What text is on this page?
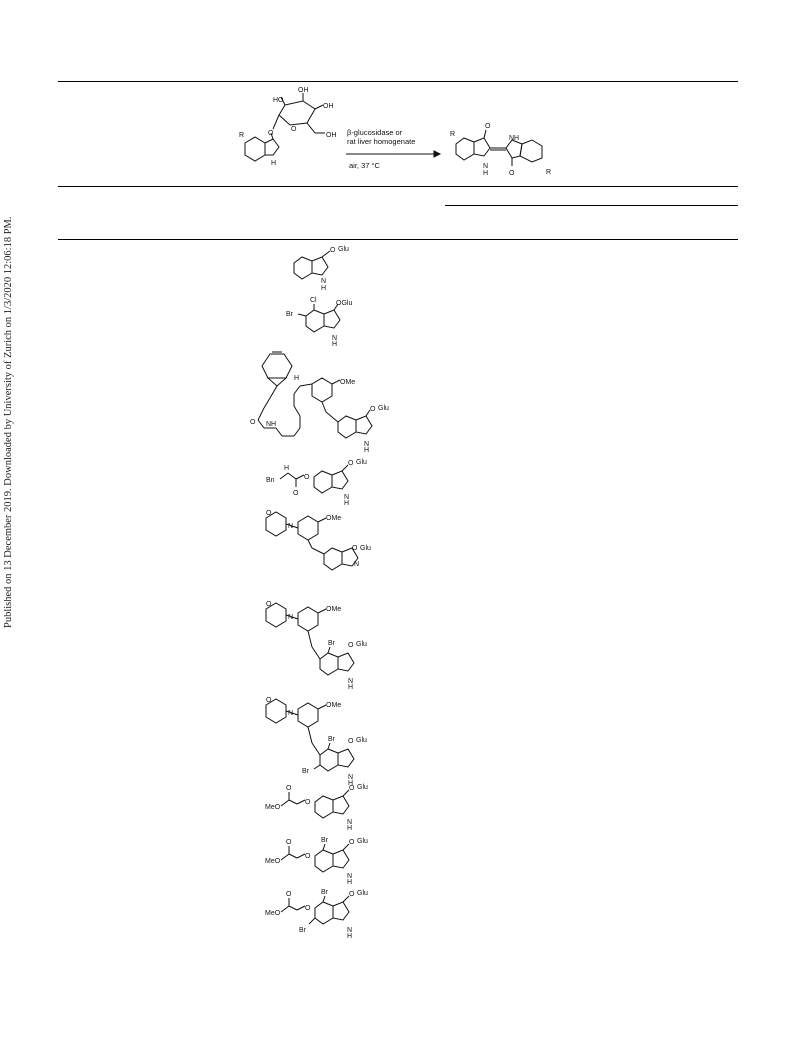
Published on 13 December 2019. Downloaded by University of Zurich on 1/3/2020 12:06:18 PM.
HO
OH
OH
OH
O
O
R
H
β-glucosidase or
rat liver homogenate
air, 37 °C
R
O
N
H
NH
O	R
O Glu
N
H
Cl
Br
OGlu
N
H
O NH
H
OMe
O Glu
N
H
Bn
H
O
O
O Glu
N
H
O
N
OMe
O Glu
N
O
N
OMe
Br O Glu
N
H
O
N
OMe
Br
Br
O Glu
N
H
MeO
O
O
O Glu
N
H
MeO
O
O
Br	O Glu
N
H
MeO
O
O
Br
Br
O Glu
N
H
